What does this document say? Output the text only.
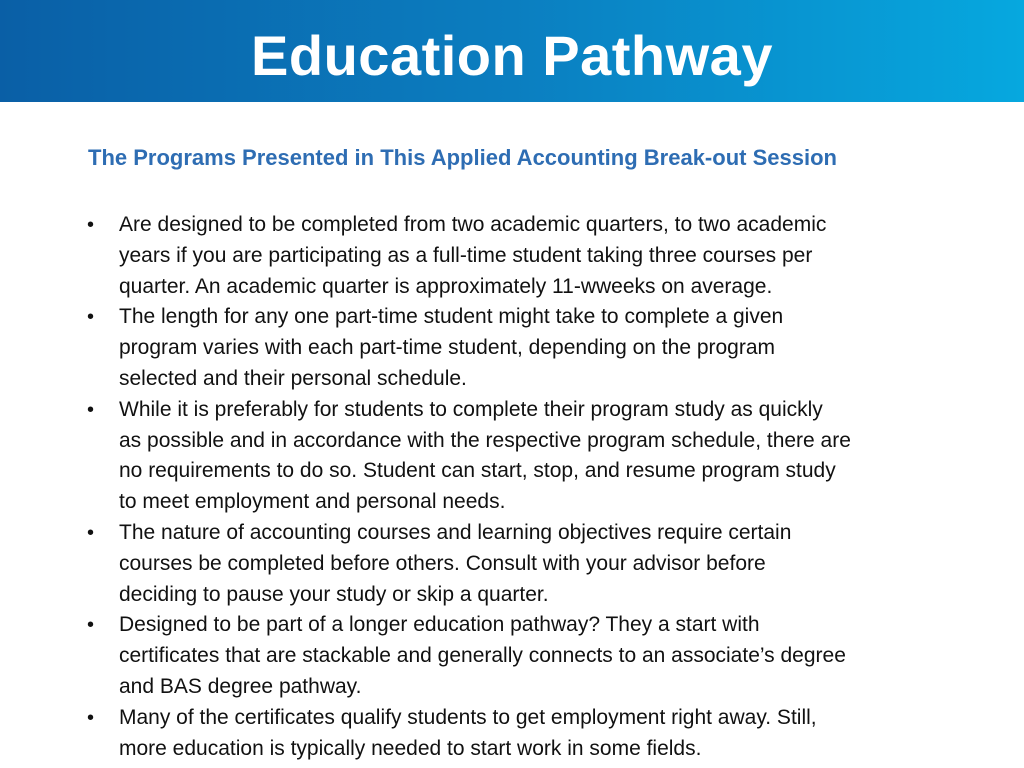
Education Pathway
The Programs Presented in This Applied Accounting Break-out Session
• Are designed to be completed from two academic quarters, to two academic
years if you are participating as a full-time student taking three courses per
quarter. An academic quarter is approximately 11-wweeks on average.
• The length for any one part-time student might take to complete a given
program varies with each part-time student, depending on the program
selected and their personal schedule.
• While it is preferably for students to complete their program study as quickly
as possible and in accordance with the respective program schedule, there are
no requirements to do so. Student can start, stop, and resume program study
to meet employment and personal needs.
• The nature of accounting courses and learning objectives require certain
courses be completed before others. Consult with your advisor before
deciding to pause your study or skip a quarter.
• Designed to be part of a longer education pathway? They a start with
certificates that are stackable and generally connects to an associate’s degree
and BAS degree pathway.
• Many of the certificates qualify students to get employment right away. Still,
more education is typically needed to start work in some fields.
